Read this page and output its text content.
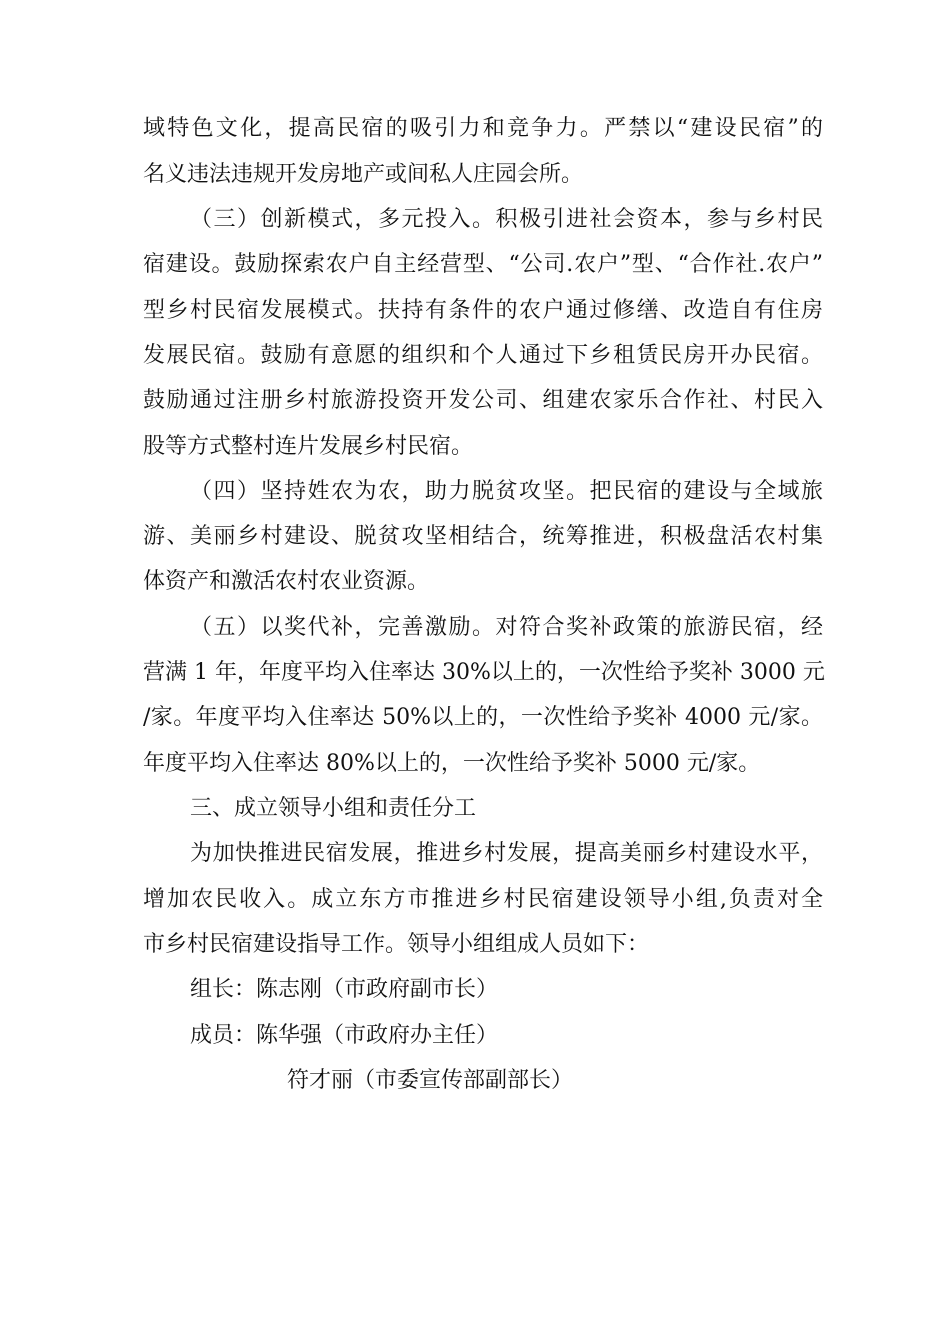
域特色文化，提高民宿的吸引力和竞争力。严禁以“建设民宿”的
名义违法违规开发房地产或间私人庄园会所。
（三）创新模式，多元投入。积极引进社会资本，参与乡村民
宿建设。鼓励探索农户自主经营型、“公司.农户”型、“合作社.农户”
型乡村民宿发展模式。扶持有条件的农户通过修缮、改造自有住房
发展民宿。鼓励有意愿的组织和个人通过下乡租赁民房开办民宿。
鼓励通过注册乡村旅游投资开发公司、组建农家乐合作社、村民入
股等方式整村连片发展乡村民宿。
（四）坚持姓农为农，助力脱贫攻坚。把民宿的建设与全域旅
游、美丽乡村建设、脱贫攻坚相结合，统筹推进，积极盘活农村集
体资产和激活农村农业资源。
（五）以奖代补，完善激励。对符合奖补政策的旅游民宿，经
营满 1 年，年度平均入住率达 30%以上的，一次性给予奖补 3000 元
/家。年度平均入住率达 50%以上的，一次性给予奖补 4000 元/家。
年度平均入住率达 80%以上的，一次性给予奖补 5000 元/家。
三、成立领导小组和责任分工
为加快推进民宿发展，推进乡村发展，提高美丽乡村建设水平，
增加农民收入。成立东方市推进乡村民宿建设领导小组,负责对全
市乡村民宿建设指导工作。领导小组组成人员如下：
组长：陈志刚（市政府副市长）
成员：陈华强（市政府办主任）
符才丽（市委宣传部副部长）
